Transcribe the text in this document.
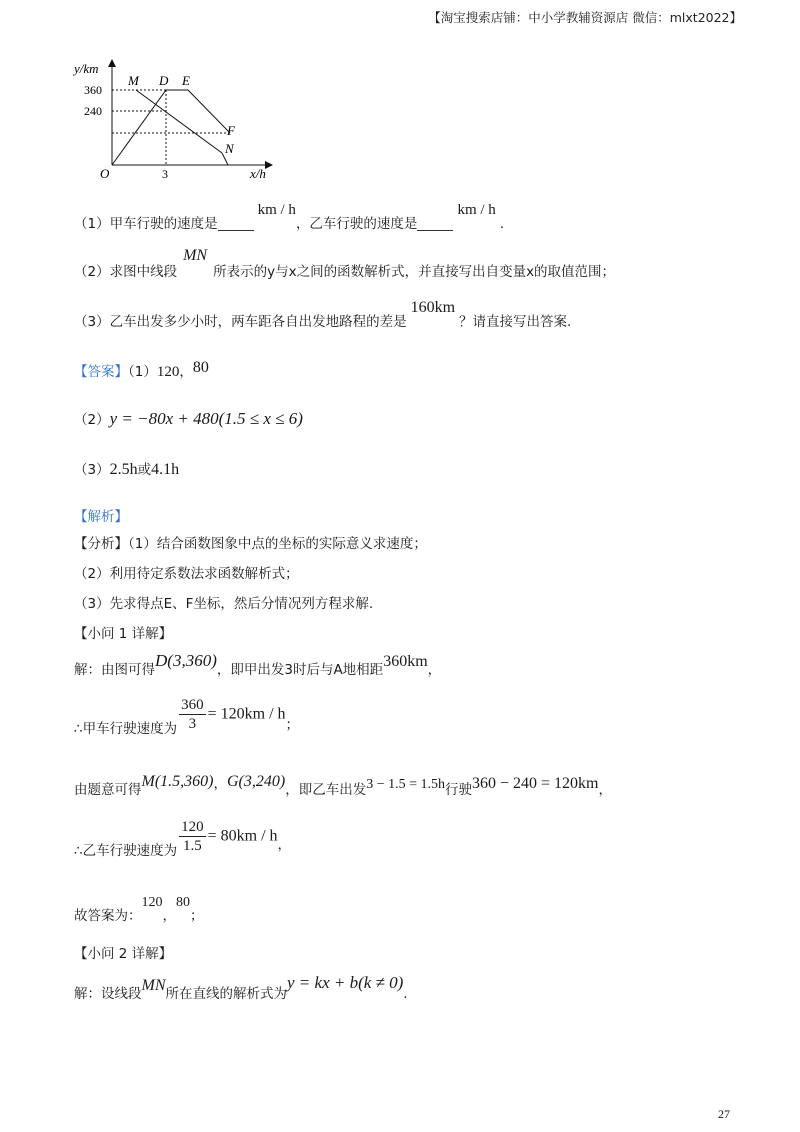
【淘宝搜索店铺：中小学教辅资源店 微信：mlxt2022】
y/km
x/h
O
360
240
3
M D E
F
N
（1）甲车行驶的速度是km / h，乙车行驶的速度是km / h.
（2）求图中线段MN所表示的y与x之间的函数解析式，并直接写出自变量x的取值范围；
（3）乙车出发多少小时，两车距各自出发地路程的差是160km？请直接写出答案.
【答案】（1）120，80
（2）y = −80x + 480(1.5 ≤ x ≤ 6)
（3）2.5h或4.1h
【解析】
【分析】（1）结合函数图象中点的坐标的实际意义求速度；
（2）利用待定系数法求函数解析式；
（3）先求得点E、F坐标，然后分情况列方程求解.
【小问 1 详解】
解：由图可得D(3,360)，即甲出发3时后与A地相距360km，
∴甲车行驶速度为 $\frac{360}{3} = 120km / h$；
由题意可得M(1.5,360)，G(3,240)，即乙车出发3 − 1.5 = 1.5h行驶360 − 240 = 120km，
∴乙车行驶速度为 $\frac{120}{1.5} = 80km / h$，
故答案为：120，80；
【小问 2 详解】
解：设线段MN所在直线的解析式为y = kx + b(k ≠ 0).
27
